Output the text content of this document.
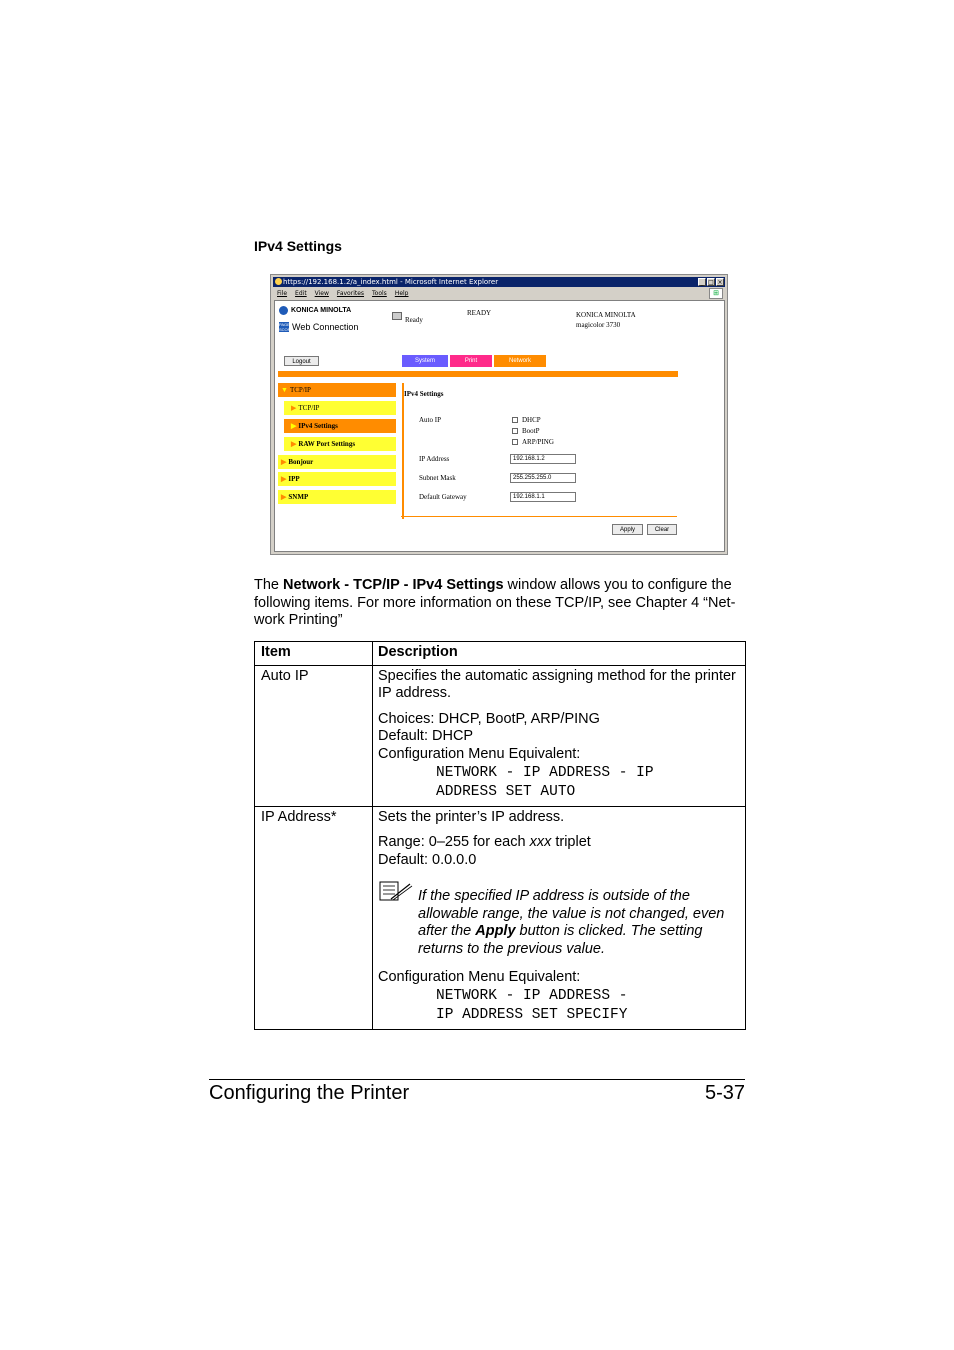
IPv4 Settings
https://192.168.1.2/a_index.html - Microsoft Internet Explorer	_ □ ×
File Edit View Favorites Tools Help	⊞
KONICA MINOLTA
PAGE SCOPE
Web Connection
Ready
READY	KONICA MINOLTA
magicolor 3730
Logout	System	Print	Network
▼ TCP/IP
▶ TCP/IP
▶ IPv4 Settings
▶ RAW Port Settings
▶ Bonjour
▶ IPP
▶ SNMP
IPv4 Settings
Auto IP	DHCP
BootP
ARP/PING
IP Address	192.168.1.2
Subnet Mask	255.255.255.0
Default Gateway	192.168.1.1
Apply	Clear
The Network - TCP/IP - IPv4 Settings window allows you to configure the
following items. For more information on these TCP/IP, see Chapter 4 “Net-
work Printing”
Item	Description
Auto IP	Specifies the automatic assigning method for the printer
IP address.
Choices: DHCP, BootP, ARP/PING
Default: DHCP
Configuration Menu Equivalent:
NETWORK - IP ADDRESS - IP
ADDRESS SET AUTO
IP Address*	Sets the printer’s IP address.
Range: 0–255 for each xxx triplet
Default: 0.0.0.0
If the specified IP address is outside of the allowable range, the value is not changed, even after the Apply button is clicked. The setting returns to the previous value.
Configuration Menu Equivalent:
NETWORK - IP ADDRESS -
IP ADDRESS SET SPECIFY
Configuring the Printer	5-37
